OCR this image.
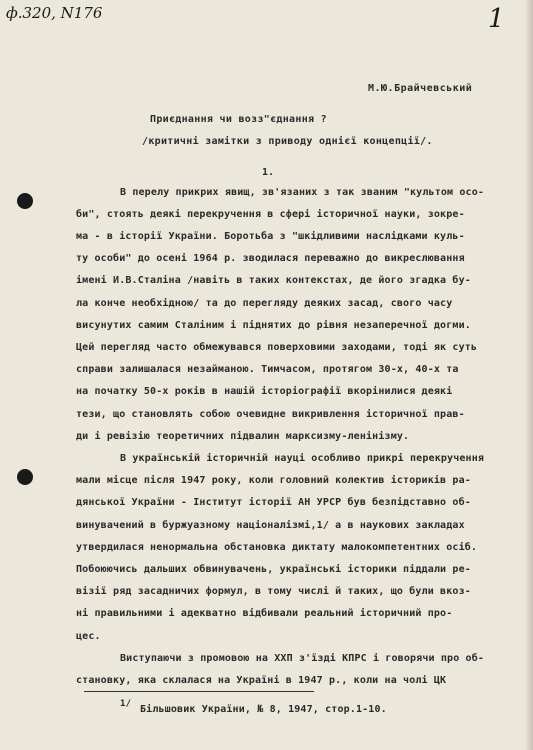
ф.320, N176	1
М.Ю.Брайчевський
Приєднання чи возз"єднання ?
/критичні замітки з приводу однієї концепції/.
1.
В перелу прикрих явищ, зв'язаних з так званим "культом осо-
би", стоять деякі перекручення в сфері історичної науки, зокре-
ма - в історії України. Боротьба з "шкідливими наслідками куль-
ту особи" до осені 1964 р. зводилася переважно до викреслювання
імені Й.В.Сталіна /навіть в таких контекстах, де його згадка бу-
ла конче необхідною/ та до перегляду деяких засад, свого часу
висунутих самим Сталіним і піднятих до рівня незаперечної догми.
Цей перегляд часто обмежувався поверховими заходами, тоді як суть
справи залишалася незайманою. Тимчасом, протягом 30-х, 40-х та
на початку 50-х років в нашій історіографії вкорінилися деякі
тези, що становлять собою очевидне викривлення історичної прав-
ди і ревізію теоретичних підвалин марксизму-ленінізму.
В українській історичній науці особливо прикрі перекручення
мали місце після 1947 року, коли головний колектив істориків ра-
дянської України - Інститут історії АН УРСР був безпідставно об-
винувачений в буржуазному націоналізмі,1/ а в наукових закладах
утвердилася ненормальна обстановка диктату малокомпетентних осіб.
Побоюючись дальших обвинувачень, українські історики піддали ре-
візії ряд засадничих формул, в тому числі й таких, що були вкоз-
ні правильними і адекватно відбивали реальний історичний про-
цес.
Виступаючи з промовою на ХХП з'їзді КПРС і говорячи про об-
становку, яка склалася на Україні в 1947 р., коли на чолі ЦК
1/ Більшовик України, № 8, 1947, стор.1-10.
